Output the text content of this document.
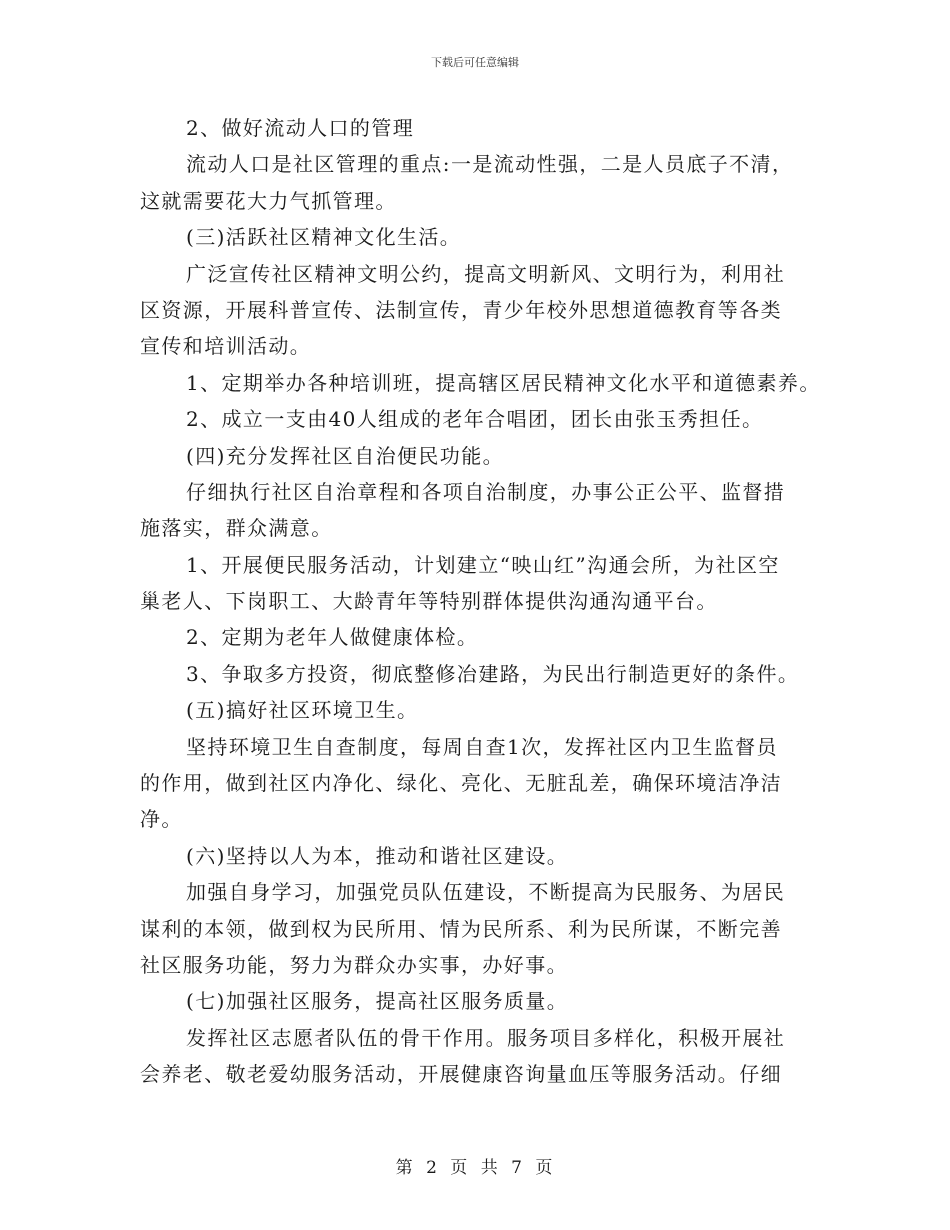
下载后可任意编辑
2、做好流动人口的管理
流动人口是社区管理的重点:一是流动性强，二是人员底子不清，
这就需要花大力气抓管理。
(三)活跃社区精神文化生活。
广泛宣传社区精神文明公约，提高文明新风、文明行为，利用社
区资源，开展科普宣传、法制宣传，青少年校外思想道德教育等各类
宣传和培训活动。
1、定期举办各种培训班，提高辖区居民精神文化水平和道德素养。
2、成立一支由40人组成的老年合唱团，团长由张玉秀担任。
(四)充分发挥社区自治便民功能。
仔细执行社区自治章程和各项自治制度，办事公正公平、监督措
施落实，群众满意。
1、开展便民服务活动，计划建立“映山红”沟通会所，为社区空
巢老人、下岗职工、大龄青年等特别群体提供沟通沟通平台。
2、定期为老年人做健康体检。
3、争取多方投资，彻底整修冶建路，为民出行制造更好的条件。
(五)搞好社区环境卫生。
坚持环境卫生自查制度，每周自查1次，发挥社区内卫生监督员
的作用，做到社区内净化、绿化、亮化、无脏乱差，确保环境洁净洁
净。
(六)坚持以人为本，推动和谐社区建设。
加强自身学习，加强党员队伍建设，不断提高为民服务、为居民
谋利的本领，做到权为民所用、情为民所系、利为民所谋，不断完善
社区服务功能，努力为群众办实事，办好事。
(七)加强社区服务，提高社区服务质量。
发挥社区志愿者队伍的骨干作用。服务项目多样化，积极开展社
会养老、敬老爱幼服务活动，开展健康咨询量血压等服务活动。仔细
第 2 页 共 7 页
